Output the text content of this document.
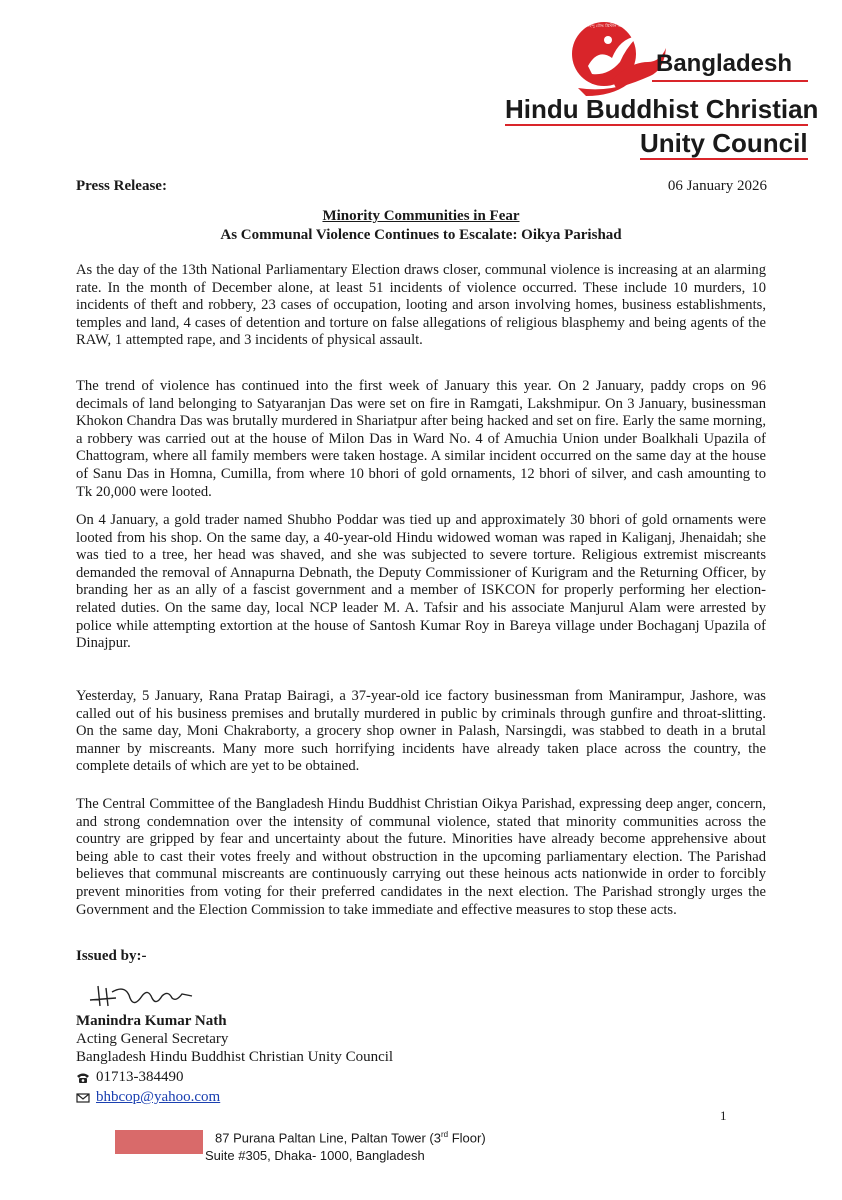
বাংলাদেশ হিন্দু বৌদ্ধ খ্রিস্টান ঐক্য পরিষদ
Bangladesh
Hindu Buddhist Christian
Unity Council
Press Release:	06 January 2026
Minority Communities in Fear
As Communal Violence Continues to Escalate: Oikya Parishad

As the day of the 13th National Parliamentary Election draws closer, communal violence is increasing at an alarming rate. In the month of December alone, at least 51 incidents of violence occurred. These include 10 murders, 10 incidents of theft and robbery, 23 cases of occupation, looting and arson involving homes, business establishments, temples and land, 4 cases of detention and torture on false allegations of religious blasphemy and being agents of the RAW, 1 attempted rape, and 3 incidents of physical assault.

The trend of violence has continued into the first week of January this year. On 2 January, paddy crops on 96 decimals of land belonging to Satyaranjan Das were set on fire in Ramgati, Lakshmipur. On 3 January, businessman Khokon Chandra Das was brutally murdered in Shariatpur after being hacked and set on fire. Early the same morning, a robbery was carried out at the house of Milon Das in Ward No. 4 of Amuchia Union under Boalkhali Upazila of Chattogram, where all family members were taken hostage. A similar incident occurred on the same day at the house of Sanu Das in Homna, Cumilla, from where 10 bhori of gold ornaments, 12 bhori of silver, and cash amounting to Tk 20,000 were looted.

On 4 January, a gold trader named Shubho Poddar was tied up and approximately 30 bhori of gold ornaments were looted from his shop. On the same day, a 40-year-old Hindu widowed woman was raped in Kaliganj, Jhenaidah; she was tied to a tree, her head was shaved, and she was subjected to severe torture. Religious extremist miscreants demanded the removal of Annapurna Debnath, the Deputy Commissioner of Kurigram and the Returning Officer, by branding her as an ally of a fascist government and a member of ISKCON for properly performing her election-related duties. On the same day, local NCP leader M. A. Tafsir and his associate Manjurul Alam were arrested by police while attempting extortion at the house of Santosh Kumar Roy in Bareya village under Bochaganj Upazila of Dinajpur.

Yesterday, 5 January, Rana Pratap Bairagi, a 37-year-old ice factory businessman from Manirampur, Jashore, was called out of his business premises and brutally murdered in public by criminals through gunfire and throat-slitting. On the same day, Moni Chakraborty, a grocery shop owner in Palash, Narsingdi, was stabbed to death in a brutal manner by miscreants. Many more such horrifying incidents have already taken place across the country, the complete details of which are yet to be obtained.

The Central Committee of the Bangladesh Hindu Buddhist Christian Oikya Parishad, expressing deep anger, concern, and strong condemnation over the intensity of communal violence, stated that minority communities across the country are gripped by fear and uncertainty about the future. Minorities have already become apprehensive about being able to cast their votes freely and without obstruction in the upcoming parliamentary election. The Parishad believes that communal miscreants are continuously carrying out these heinous acts nationwide in order to forcibly prevent minorities from voting for their preferred candidates in the next election. The Parishad strongly urges the Government and the Election Commission to take immediate and effective measures to stop these acts.

Issued by:-
Manindra Kumar Nath
Acting General Secretary
Bangladesh Hindu Buddhist Christian Unity Council
01713-384490
bhbcop@yahoo.com
1
87 Purana Paltan Line, Paltan Tower (3rd Floor)
Suite #305, Dhaka- 1000, Bangladesh
